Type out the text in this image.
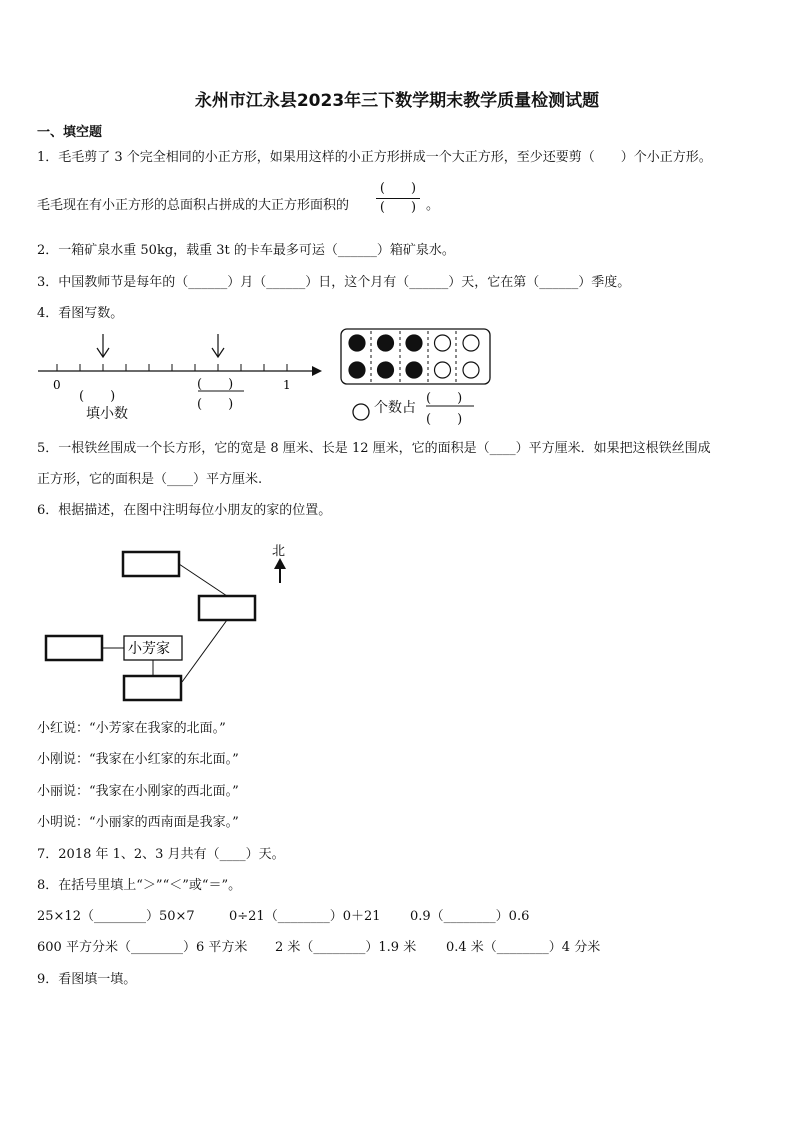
永州市江永县2023年三下数学期末教学质量检测试题
一、填空题
1．毛毛剪了 3 个完全相同的小正方形，如果用这样的小正方形拼成一个大正方形，至少还要剪（　　）个小正方形。
毛毛现在有小正方形的总面积占拼成的大正方形面积的
(　　)
(　　) 。
2．一箱矿泉水重 50kg，载重 3t 的卡车最多可运（______）箱矿泉水。
3．中国教师节是每年的（______）月（______）日，这个月有（______）天，它在第（______）季度。
4．看图写数。
0	1
北
小芳家
(　　)
(　　)
(　　)
填小数	个数占
(　　)
(　　)
5．一根铁丝围成一个长方形，它的宽是 8 厘米、长是 12 厘米，它的面积是（____）平方厘米．如果把这根铁丝围成
正方形，它的面积是（____）平方厘米.
6．根据描述，在图中注明每位小朋友的家的位置。
小红说：“小芳家在我家的北面。”
小刚说：“我家在小红家的东北面。”
小丽说：“我家在小刚家的西北面。”
小明说：“小丽家的西南面是我家。”
7．2018 年 1、2、3 月共有（____）天。
8．在括号里填上“＞”“＜”或“＝”。
25×12（________）50×7	0÷21（________）0＋21 0.9（________）0.6
600 平方分米（________）6 平方米 2 米（________）1.9 米 0.4 米（________）4 分米
9．看图填一填。
